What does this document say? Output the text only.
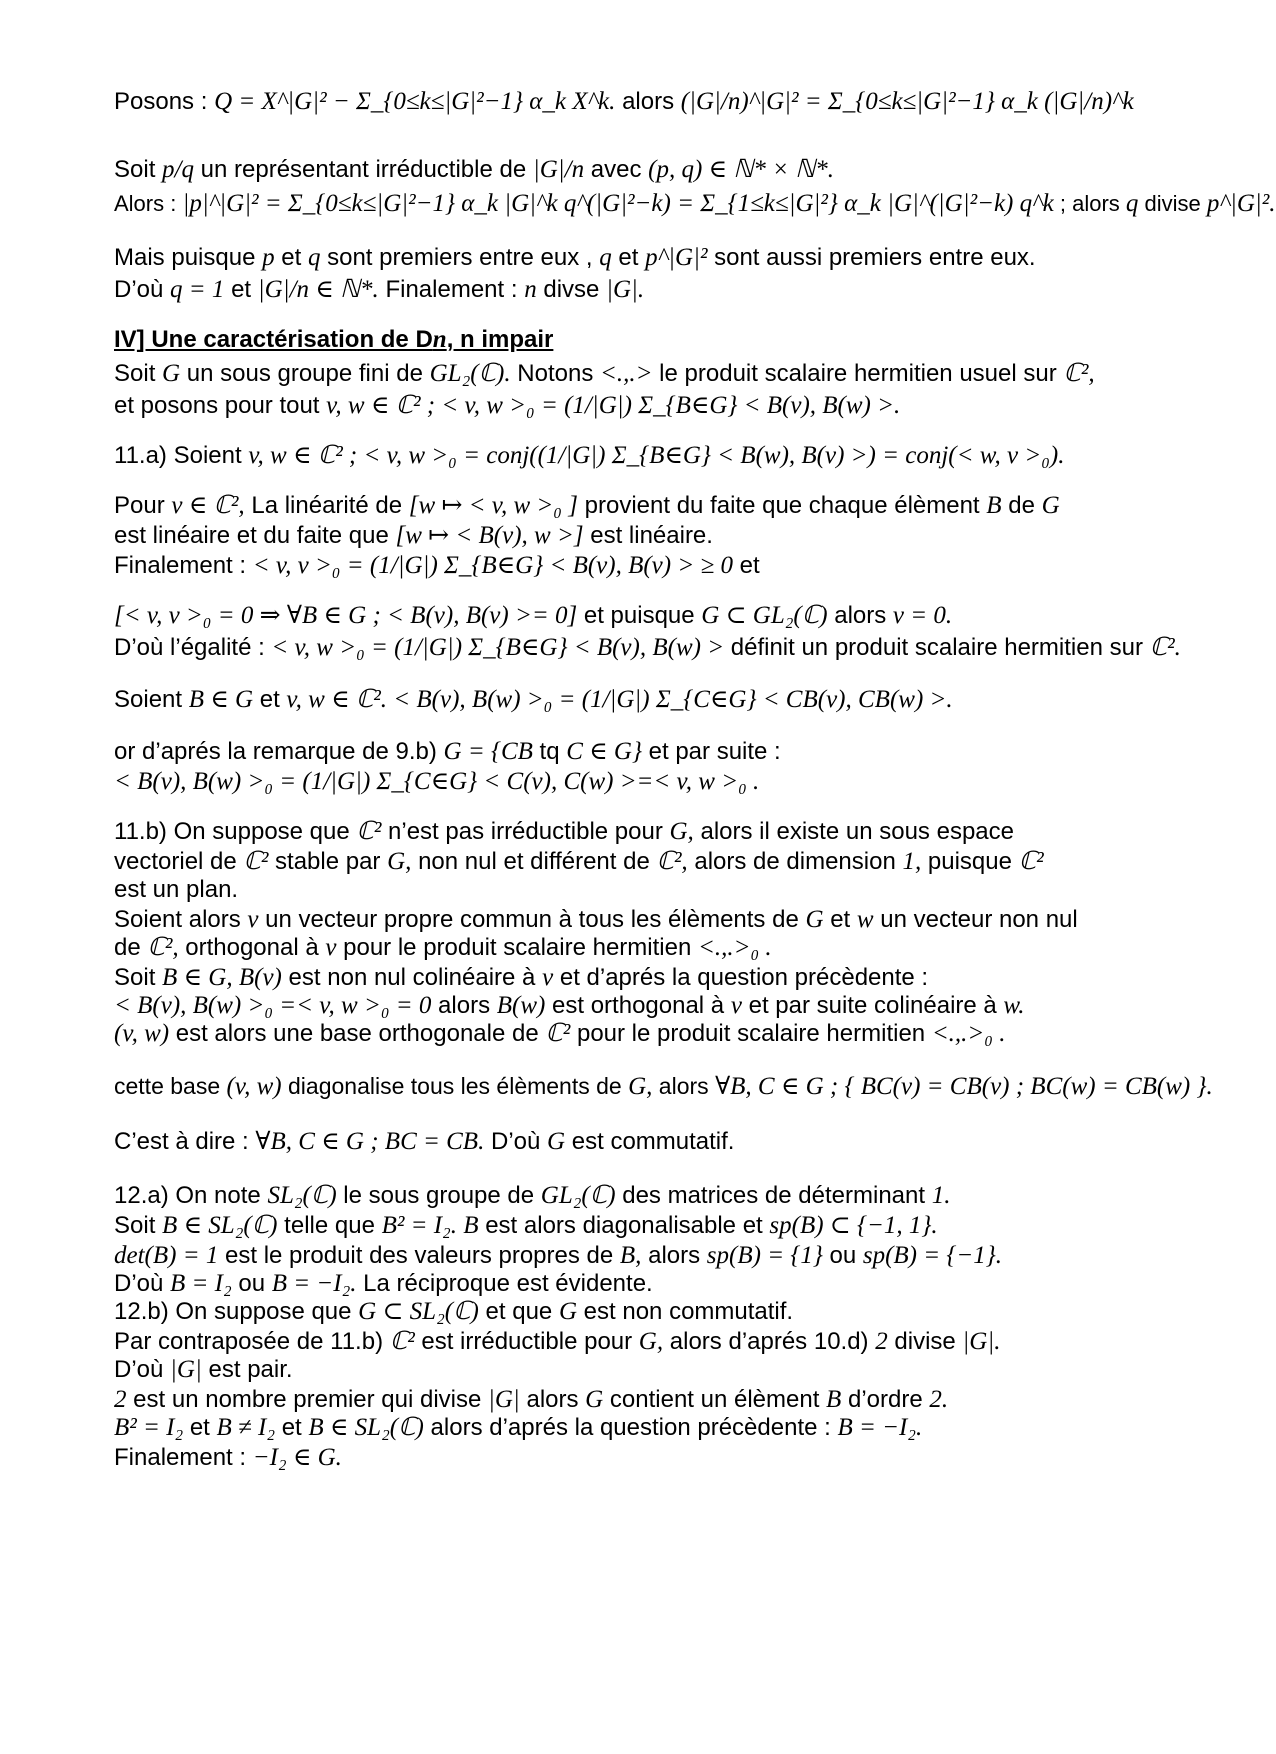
Posons : Q = X^|G|² − Σ_{0≤k≤|G|²−1} α_k X^k. alors (|G|/n)^|G|² = Σ_{0≤k≤|G|²−1} α_k (|G|/n)^k
Soit p/q un représentant irréductible de |G|/n avec (p, q) ∈ ℕ* × ℕ*.
Alors : |p|^|G|² = Σ_{0≤k≤|G|²−1} α_k |G|^k q^(|G|²−k) = Σ_{1≤k≤|G|²} α_k |G|^(|G|²−k) q^k ; alors q divise p^|G|².
Mais puisque p et q sont premiers entre eux , q et p^|G|² sont aussi premiers entre eux.
D’où q = 1 et |G|/n ∈ ℕ*. Finalement : n divse |G|.
IV] Une caractérisation de Dn, n impair
Soit G un sous groupe fini de GL₂(ℂ). Notons <.,.> le produit scalaire hermitien usuel sur ℂ²,
et posons pour tout v, w ∈ ℂ² ; < v, w >₀ = (1/|G|) Σ_{B∈G} < B(v), B(w) >.
11.a) Soient v, w ∈ ℂ² ; < v, w >₀ = conj((1/|G|) Σ_{B∈G} < B(w), B(v) >) = conj(< w, v >₀).
Pour v ∈ ℂ², La linéarité de [w ↦ < v, w >₀ ] provient du faite que chaque élèment B de G
est linéaire et du faite que [w ↦ < B(v), w >] est linéaire.
Finalement : < v, v >₀ = (1/|G|) Σ_{B∈G} < B(v), B(v) > ≥ 0 et
[< v, v >₀ = 0 ⇒ ∀B ∈ G ; < B(v), B(v) >= 0] et puisque G ⊂ GL₂(ℂ) alors v = 0.
D’où l’égalité : < v, w >₀ = (1/|G|) Σ_{B∈G} < B(v), B(w) > définit un produit scalaire hermitien sur ℂ².
Soient B ∈ G et v, w ∈ ℂ². < B(v), B(w) >₀ = (1/|G|) Σ_{C∈G} < CB(v), CB(w) >.
or d’aprés la remarque de 9.b) G = {CB tq C ∈ G} et par suite :
< B(v), B(w) >₀ = (1/|G|) Σ_{C∈G} < C(v), C(w) >=< v, w >₀ .
11.b) On suppose que ℂ² n’est pas irréductible pour G, alors il existe un sous espace
vectoriel de ℂ² stable par G, non nul et différent de ℂ², alors de dimension 1, puisque ℂ²
est un plan.
Soient alors v un vecteur propre commun à tous les élèments de G et w un vecteur non nul
de ℂ², orthogonal à v pour le produit scalaire hermitien <.,.>₀ .
Soit B ∈ G, B(v) est non nul colinéaire à v et d’aprés la question précèdente :
< B(v), B(w) >₀ =< v, w >₀ = 0 alors B(w) est orthogonal à v et par suite colinéaire à w.
(v, w) est alors une base orthogonale de ℂ² pour le produit scalaire hermitien <.,.>₀ .
cette base (v, w) diagonalise tous les élèments de G, alors ∀B, C ∈ G ; { BC(v) = CB(v) ; BC(w) = CB(w) }.
C’est à dire : ∀B, C ∈ G ; BC = CB. D’où G est commutatif.
12.a) On note SL₂(ℂ) le sous groupe de GL₂(ℂ) des matrices de déterminant 1.
Soit B ∈ SL₂(ℂ) telle que B² = I₂. B est alors diagonalisable et sp(B) ⊂ {−1, 1}.
det(B) = 1 est le produit des valeurs propres de B, alors sp(B) = {1} ou sp(B) = {−1}.
D’où B = I₂ ou B = −I₂. La réciproque est évidente.
12.b) On suppose que G ⊂ SL₂(ℂ) et que G est non commutatif.
Par contraposée de 11.b) ℂ² est irréductible pour G, alors d’aprés 10.d) 2 divise |G|.
D’où |G| est pair.
2 est un nombre premier qui divise |G| alors G contient un élèment B d’ordre 2.
B² = I₂ et B ≠ I₂ et B ∈ SL₂(ℂ) alors d’aprés la question précèdente : B = −I₂.
Finalement : −I₂ ∈ G.
